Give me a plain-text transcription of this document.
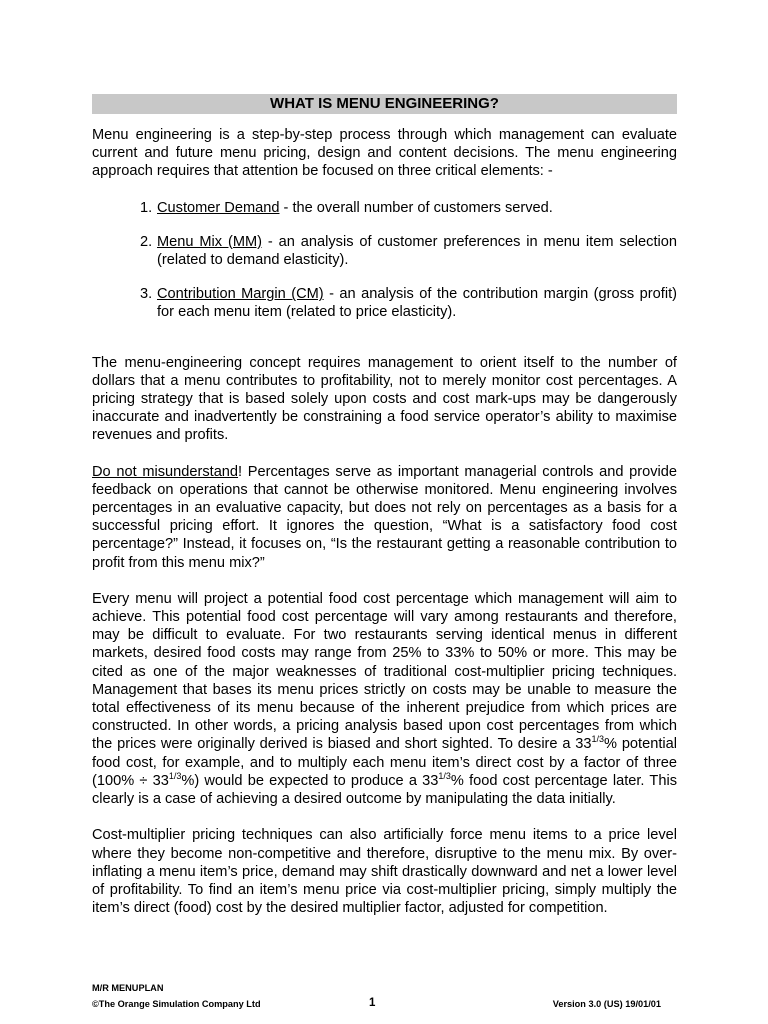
WHAT IS MENU ENGINEERING?

Menu engineering is a step-by-step process through which management can evaluate current and future menu pricing, design and content decisions. The menu engineering approach requires that attention be focused on three critical elements: -

1. Customer Demand - the overall number of customers served.
2. Menu Mix (MM) - an analysis of customer preferences in menu item selection (related to demand elasticity).
3. Contribution Margin (CM) - an analysis of the contribution margin (gross profit) for each menu item (related to price elasticity).

The menu-engineering concept requires management to orient itself to the number of dollars that a menu contributes to profitability, not to merely monitor cost percentages. A pricing strategy that is based solely upon costs and cost mark-ups may be dangerously inaccurate and inadvertently be constraining a food service operator’s ability to maximise revenues and profits.

Do not misunderstand! Percentages serve as important managerial controls and provide feedback on operations that cannot be otherwise monitored. Menu engineering involves percentages in an evaluative capacity, but does not rely on percentages as a basis for a successful pricing effort. It ignores the question, “What is a satisfactory food cost percentage?” Instead, it focuses on, “Is the restaurant getting a reasonable contribution to profit from this menu mix?”

Every menu will project a potential food cost percentage which management will aim to achieve. This potential food cost percentage will vary among restaurants and therefore, may be difficult to evaluate. For two restaurants serving identical menus in different markets, desired food costs may range from 25% to 33% to 50% or more. This may be cited as one of the major weaknesses of traditional cost-multiplier pricing techniques. Management that bases its menu prices strictly on costs may be unable to measure the total effectiveness of its menu because of the inherent prejudice from which prices are constructed. In other words, a pricing analysis based upon cost percentages from which the prices were originally derived is biased and short sighted. To desire a $33^{1/3}\%$ potential food cost, for example, and to multiply each menu item’s direct cost by a factor of three $(100\% \div 33^{1/3}\%)$ would be expected to produce a $33^{1/3}\%$ food cost percentage later. This clearly is a case of achieving a desired outcome by manipulating the data initially.

Cost-multiplier pricing techniques can also artificially force menu items to a price level where they become non-competitive and therefore, disruptive to the menu mix. By over-inflating a menu item’s price, demand may shift drastically downward and net a lower level of profitability. To find an item’s menu price via cost-multiplier pricing, simply multiply the item’s direct (food) cost by the desired multiplier factor, adjusted for competition.

M/R MENUPLAN
©The Orange Simulation Company Ltd	1	Version 3.0 (US) 19/01/01
